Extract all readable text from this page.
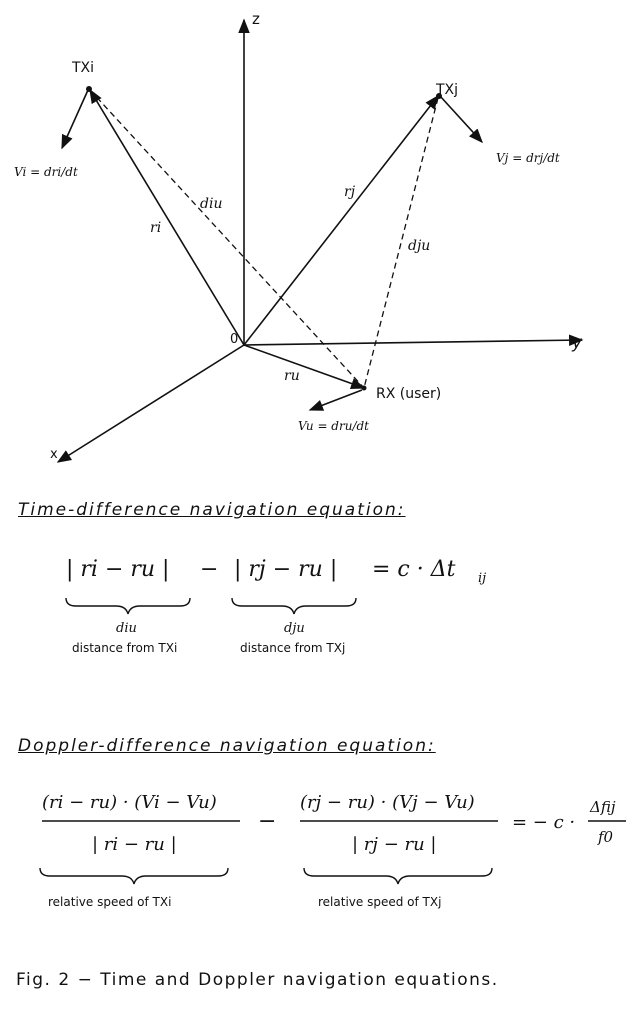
z
y
x
0
TXi
TXj
RX (user)
ri
rj
ru
Vi = dri/dt
Vj = drj/dt
Vu = dru/dt
diu
dju
| ri − ru | − | rj − ru | = c · Δt ij
diu
distance from TXi
dju
distance from TXj
(ri − ru) · (Vi − Vu)
| ri − ru |
−
(rj − ru) · (Vj − Vu)
| rj − ru |
= − c ·
Δfij
f0
relative speed of TXi	relative speed of TXj
Time-difference navigation equation:
Doppler-difference navigation equation:
Fig. 2 − Time and Doppler navigation equations.
